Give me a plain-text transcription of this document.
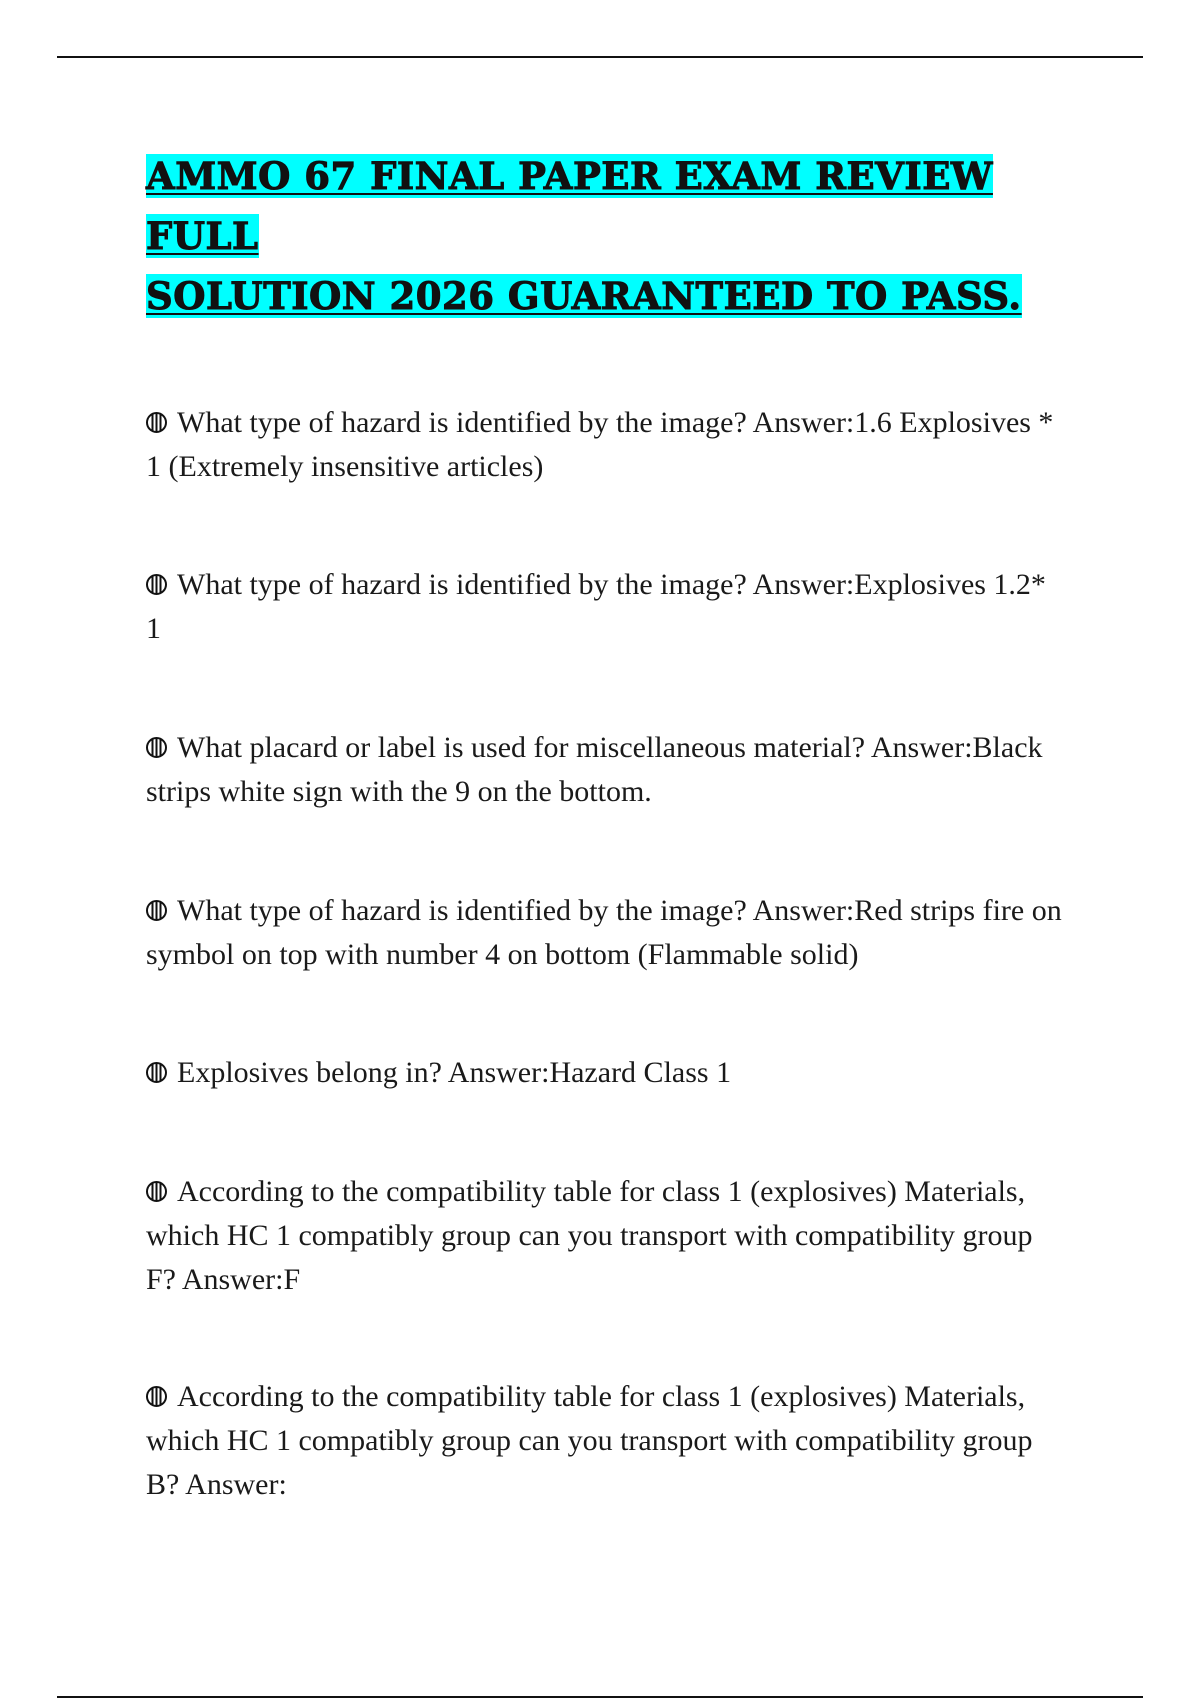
AMMO 67 FINAL PAPER EXAM REVIEW FULL
SOLUTION 2026 GUARANTEED TO PASS.

What type of hazard is identified by the image? Answer:1.6 Explosives * 1 (Extremely insensitive articles)

What type of hazard is identified by the image? Answer:Explosives 1.2* 1

What placard or label is used for miscellaneous material? Answer:Black strips white sign with the 9 on the bottom.

What type of hazard is identified by the image? Answer:Red strips fire on symbol on top with number 4 on bottom (Flammable solid)

Explosives belong in? Answer:Hazard Class 1

According to the compatibility table for class 1 (explosives) Materials, which HC 1 compatibly group can you transport with compatibility group F? Answer:F

According to the compatibility table for class 1 (explosives) Materials, which HC 1 compatibly group can you transport with compatibility group B? Answer:
